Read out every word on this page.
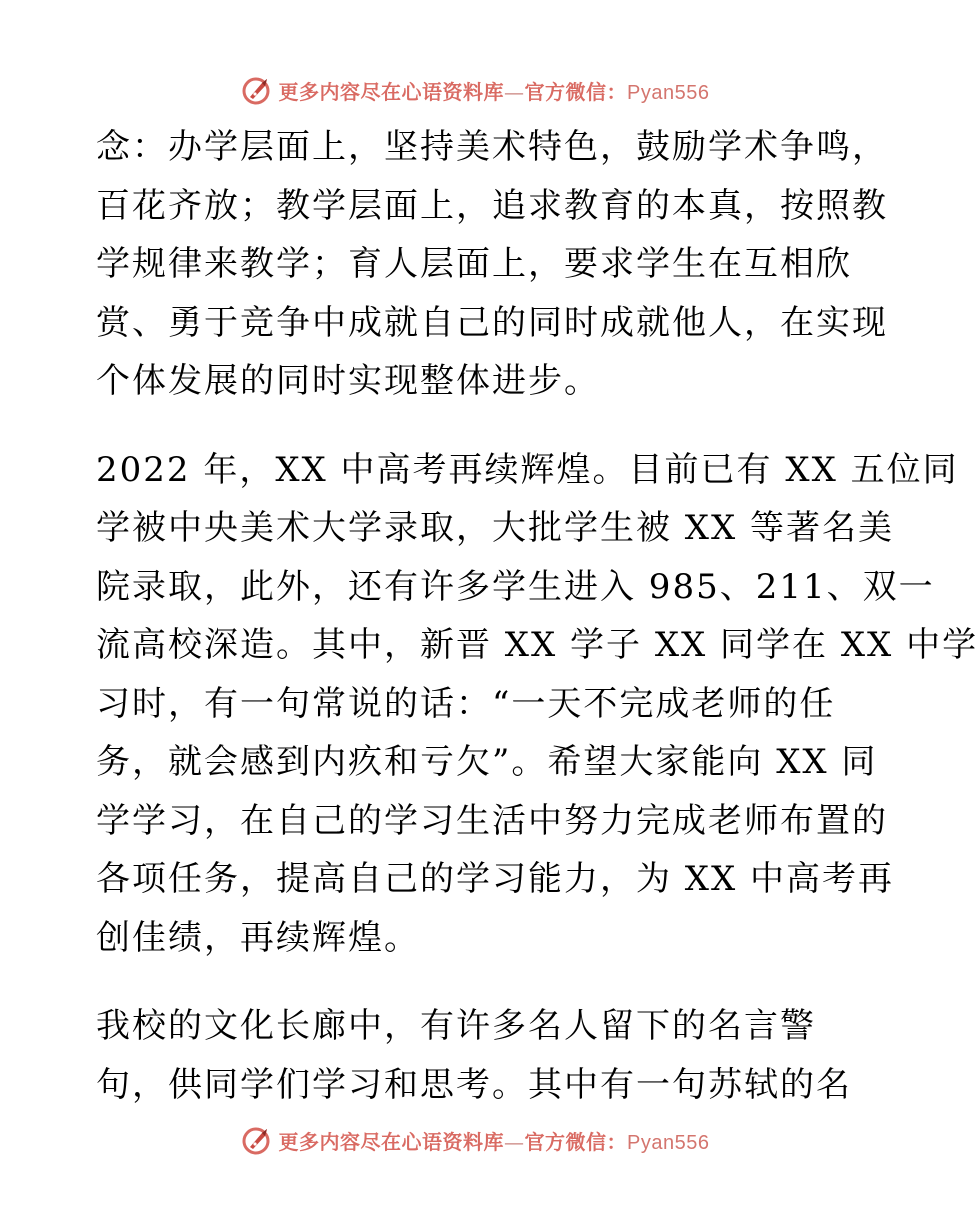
更多内容尽在心语资料库—官方微信：Pyan556
念：办学层面上，坚持美术特色，鼓励学术争鸣，
百花齐放；教学层面上，追求教育的本真，按照教
学规律来教学；育人层面上，要求学生在互相欣
赏、勇于竞争中成就自己的同时成就他人，在实现
个体发展的同时实现整体进步。
2022 年，XX 中高考再续辉煌。目前已有 XX 五位同
学被中央美术大学录取，大批学生被 XX 等著名美
院录取，此外，还有许多学生进入 985、211、双一
流高校深造。其中，新晋 XX 学子 XX 同学在 XX 中学
习时，有一句常说的话：“一天不完成老师的任
务，就会感到内疚和亏欠”。希望大家能向 XX 同
学学习，在自己的学习生活中努力完成老师布置的
各项任务，提高自己的学习能力，为 XX 中高考再
创佳绩，再续辉煌。
我校的文化长廊中，有许多名人留下的名言警
句，供同学们学习和思考。其中有一句苏轼的名
更多内容尽在心语资料库—官方微信：Pyan556
